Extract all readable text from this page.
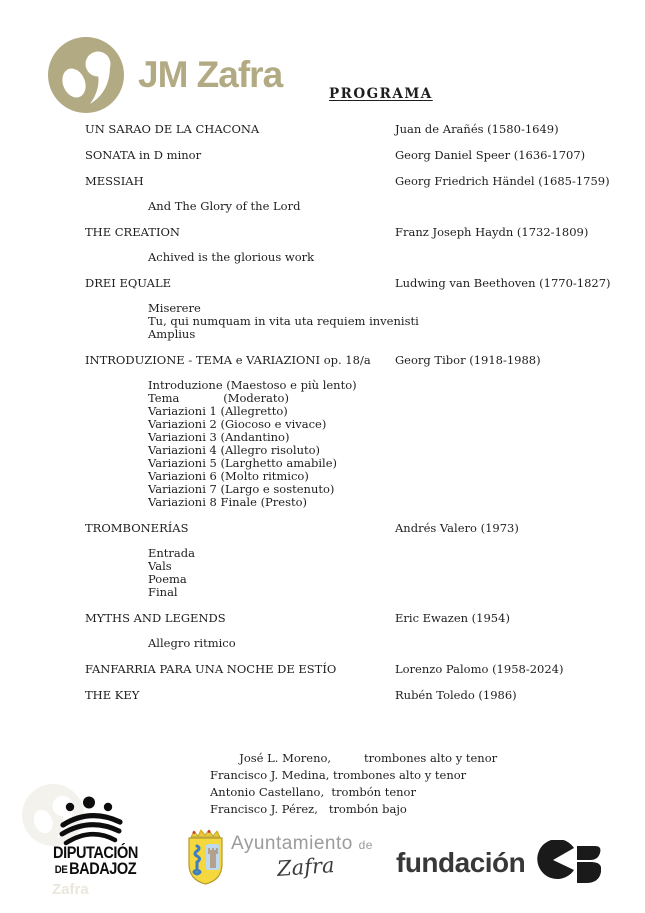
JM Zafra	PROGRAMA
UN SARAO DE LA CHACONA	Juan de Arañés (1580-1649)
SONATA in D minor	Georg Daniel Speer (1636-1707)
MESSIAH	Georg Friedrich Händel (1685-1759)
And The Glory of the Lord
THE CREATION	Franz Joseph Haydn (1732-1809)
Achived is the glorious work
DREI EQUALE	Ludwing van Beethoven (1770-1827)
Miserere
Tu, qui numquam in vita uta requiem invenisti
Amplius
INTRODUZIONE - TEMA e VARIAZIONI op. 18/a	Georg Tibor (1918-1988)
Introduzione (Maestoso e più lento)
Tema            (Moderato)
Variazioni 1 (Allegretto)
Variazioni 2 (Giocoso e vivace)
Variazioni 3 (Andantino)
Variazioni 4 (Allegro risoluto)
Variazioni 5 (Larghetto amabile)
Variazioni 6 (Molto ritmico)
Variazioni 7 (Largo e sostenuto)
Variazioni 8 Finale (Presto)
TROMBONERÍAS	Andrés Valero (1973)
Entrada
Vals
Poema
Final
MYTHS AND LEGENDS	Eric Ewazen (1954)
Allegro ritmico
FANFARRIA PARA UNA NOCHE DE ESTÍO	Lorenzo Palomo (1958-2024)
THE KEY	Rubén Toledo (1986)
José L. Moreno,         trombones alto y tenor
Francisco J. Medina, trombones alto y tenor
Antonio Castellano,  trombón tenor
Francisco J. Pérez,   trombón bajo
Zafra
DIPUTACIÓN
DE BADAJOZ
Ayuntamiento de
Zafra	fundación
